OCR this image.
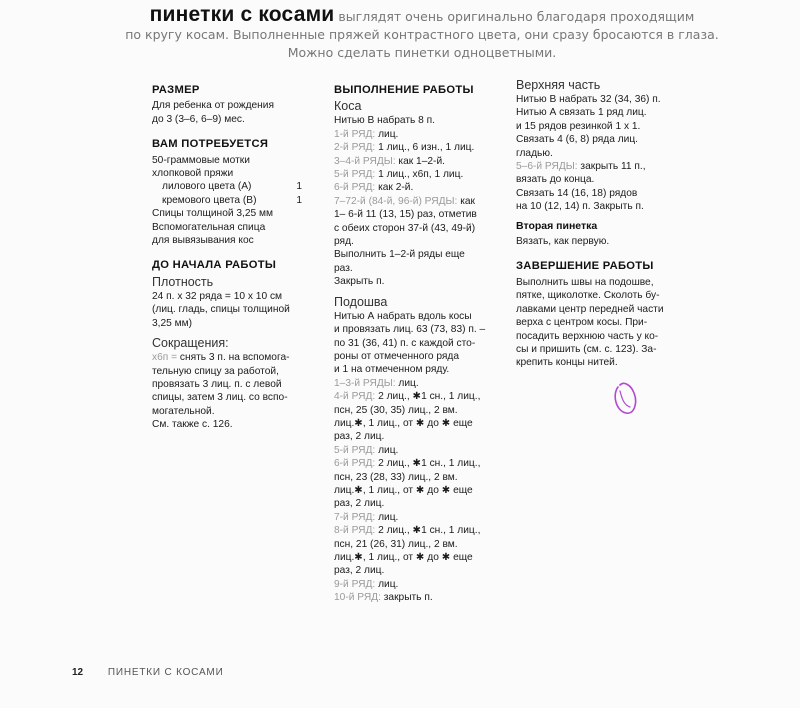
пинетки с косами выглядят очень оригинально благодаря проходящим
по кругу косам. Выполненные пряжей контрастного цвета, они сразу бросаются в глаза.
Можно сделать пинетки одноцветными.
РАЗМЕР
Для ребенка от рождения
до 3 (3–6, 6–9) мес.
ВАМ ПОТРЕБУЕТСЯ
50-граммовые мотки
хлопковой пряжи
лилового цвета (А)	1
кремового цвета (В)	1
Спицы толщиной 3,25 мм
Вспомогательная спица
для вывязывания кос
ДО НАЧАЛА РАБОТЫ
Плотность
24 п. х 32 ряда = 10 х 10 см
(лиц. гладь, спицы толщиной
3,25 мм)
Сокращения:
х6п = снять 3 п. на вспомога-
тельную спицу за работой,
провязать 3 лиц. п. с левой
спицы, затем 3 лиц. со вспо-
могательной.
См. также с. 126.
ВЫПОЛНЕНИЕ РАБОТЫ
Коса
Нитью В набрать 8 п.
1-й РЯД: лиц.
2-й РЯД: 1 лиц., 6 изн., 1 лиц.
3–4-й РЯДЫ: как 1–2-й.
5-й РЯД: 1 лиц., х6п, 1 лиц.
6-й РЯД: как 2-й.
7–72-й (84-й, 96-й) РЯДЫ: как
1– 6-й 11 (13, 15) раз, отметив
с обеих сторон 37-й (43, 49-й)
ряд.
Выполнить 1–2-й ряды еще
раз.
Закрыть п.
Подошва
Нитью А набрать вдоль косы
и провязать лиц. 63 (73, 83) п. –
по 31 (36, 41) п. с каждой сто-
роны от отмеченного ряда
и 1 на отмеченном ряду.
1–3-й РЯДЫ: лиц.
4-й РЯД: 2 лиц., ✱1 сн., 1 лиц.,
псн, 25 (30, 35) лиц., 2 вм.
лиц.✱, 1 лиц., от ✱ до ✱ еще
раз, 2 лиц.
5-й РЯД: лиц.
6-й РЯД: 2 лиц., ✱1 сн., 1 лиц.,
псн, 23 (28, 33) лиц., 2 вм.
лиц.✱, 1 лиц., от ✱ до ✱ еще
раз, 2 лиц.
7-й РЯД: лиц.
8-й РЯД: 2 лиц., ✱1 сн., 1 лиц.,
псн, 21 (26, 31) лиц., 2 вм.
лиц.✱, 1 лиц., от ✱ до ✱ еще
раз, 2 лиц.
9-й РЯД: лиц.
10-й РЯД: закрыть п.
Верхняя часть
Нитью В набрать 32 (34, 36) п.
Нитью А связать 1 ряд лиц.
и 15 рядов резинкой 1 х 1.
Связать 4 (6, 8) ряда лиц.
гладью.
5–6-й РЯДЫ: закрыть 11 п.,
вязать до конца.
Связать 14 (16, 18) рядов
на 10 (12, 14) п. Закрыть п.
Вторая пинетка
Вязать, как первую.
ЗАВЕРШЕНИЕ РАБОТЫ
Выполнить швы на подошве,
пятке, щиколотке. Сколоть бу-
лавками центр передней части
верха с центром косы. При-
посадить верхнюю часть у ко-
сы и пришить (см. с. 123). За-
крепить концы нитей.
12 ПИНЕТКИ С КОСАМИ
